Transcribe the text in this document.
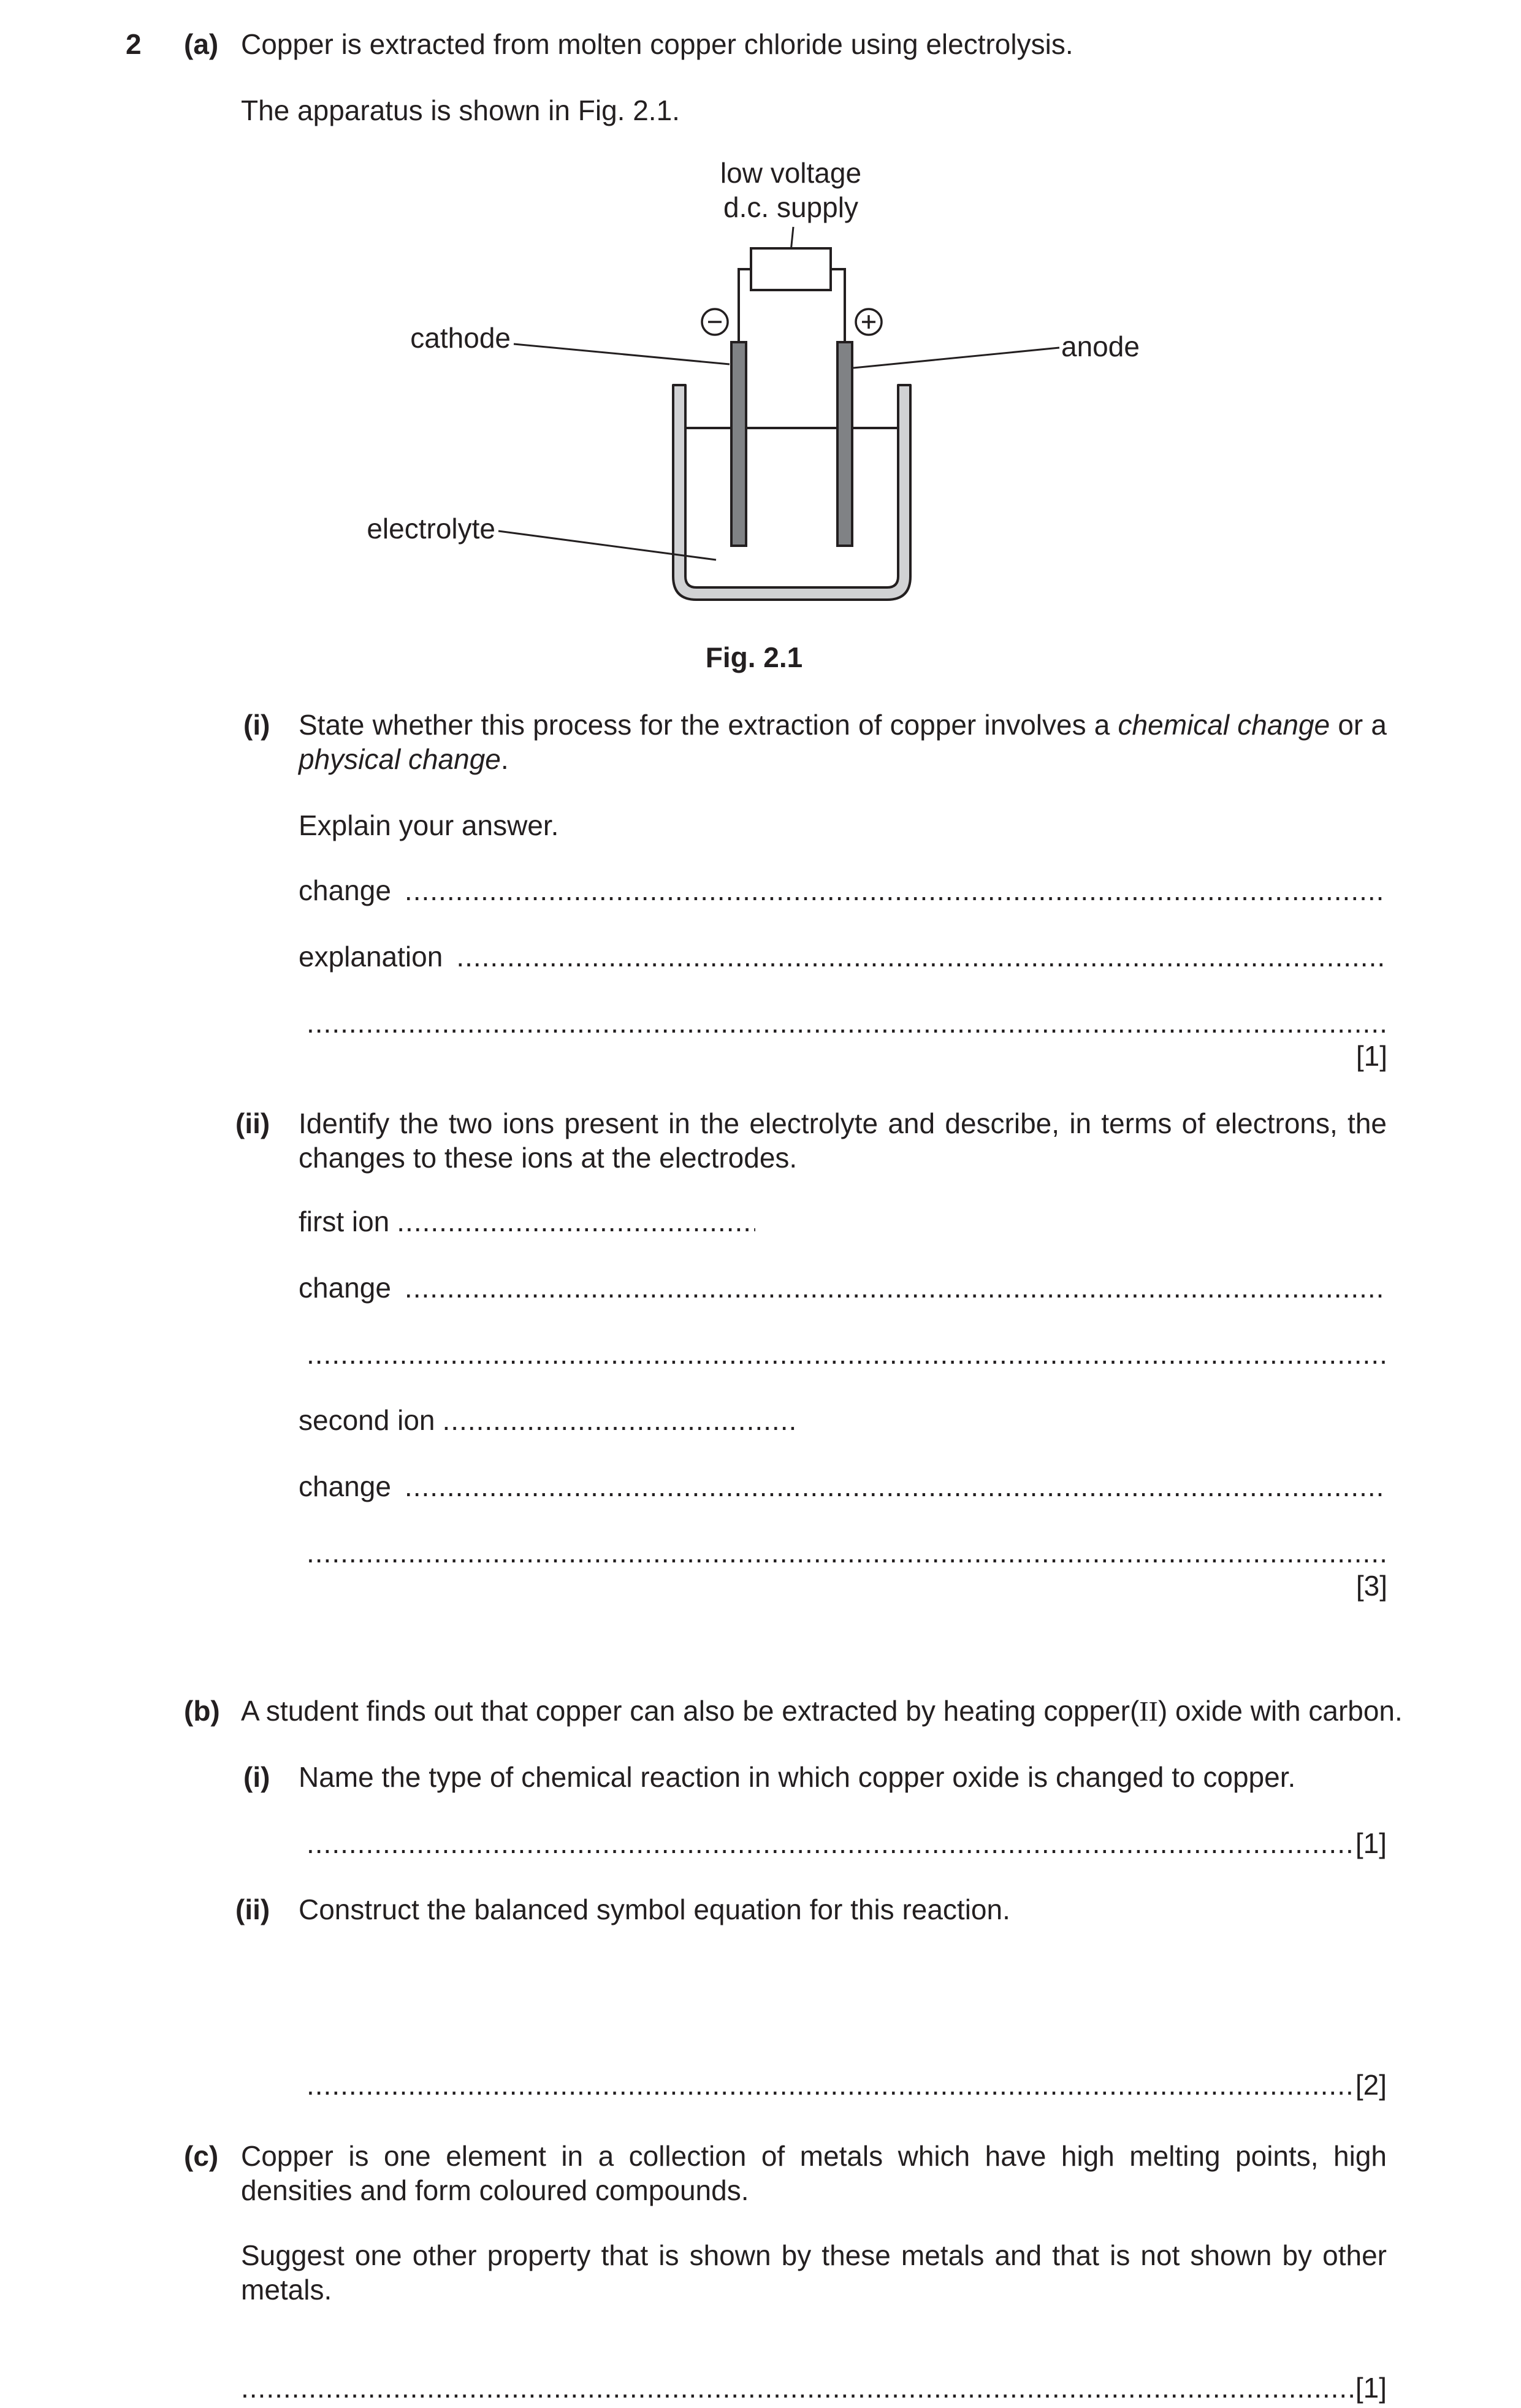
2 (a) Copper is extracted from molten copper chloride using electrolysis.
The apparatus is shown in Fig. 2.1.
low voltage
d.c. supply
cathode	anode
electrolyte
Fig. 2.1
(i) State whether this process for the extraction of copper involves a chemical change or a physical change.
Explain your answer.
change
.....
explanation
.....
.....
[1]
(ii) Identify the two ions present in the electrolyte and describe, in terms of electrons, the changes to these ions at the electrodes.
first ion
.....
change
.....
.....
second ion
.....
change
.....
.....
[3]
(b) A student finds out that copper can also be extracted by heating copper(II) oxide with carbon.
(i) Name the type of chemical reaction in which copper oxide is changed to copper.
.....
[1]
(ii) Construct the balanced symbol equation for this reaction.
.....
[2]
(c) Copper is one element in a collection of metals which have high melting points, high densities and form coloured compounds.
Suggest one other property that is shown by these metals and that is not shown by other metals.
.....
[1]
